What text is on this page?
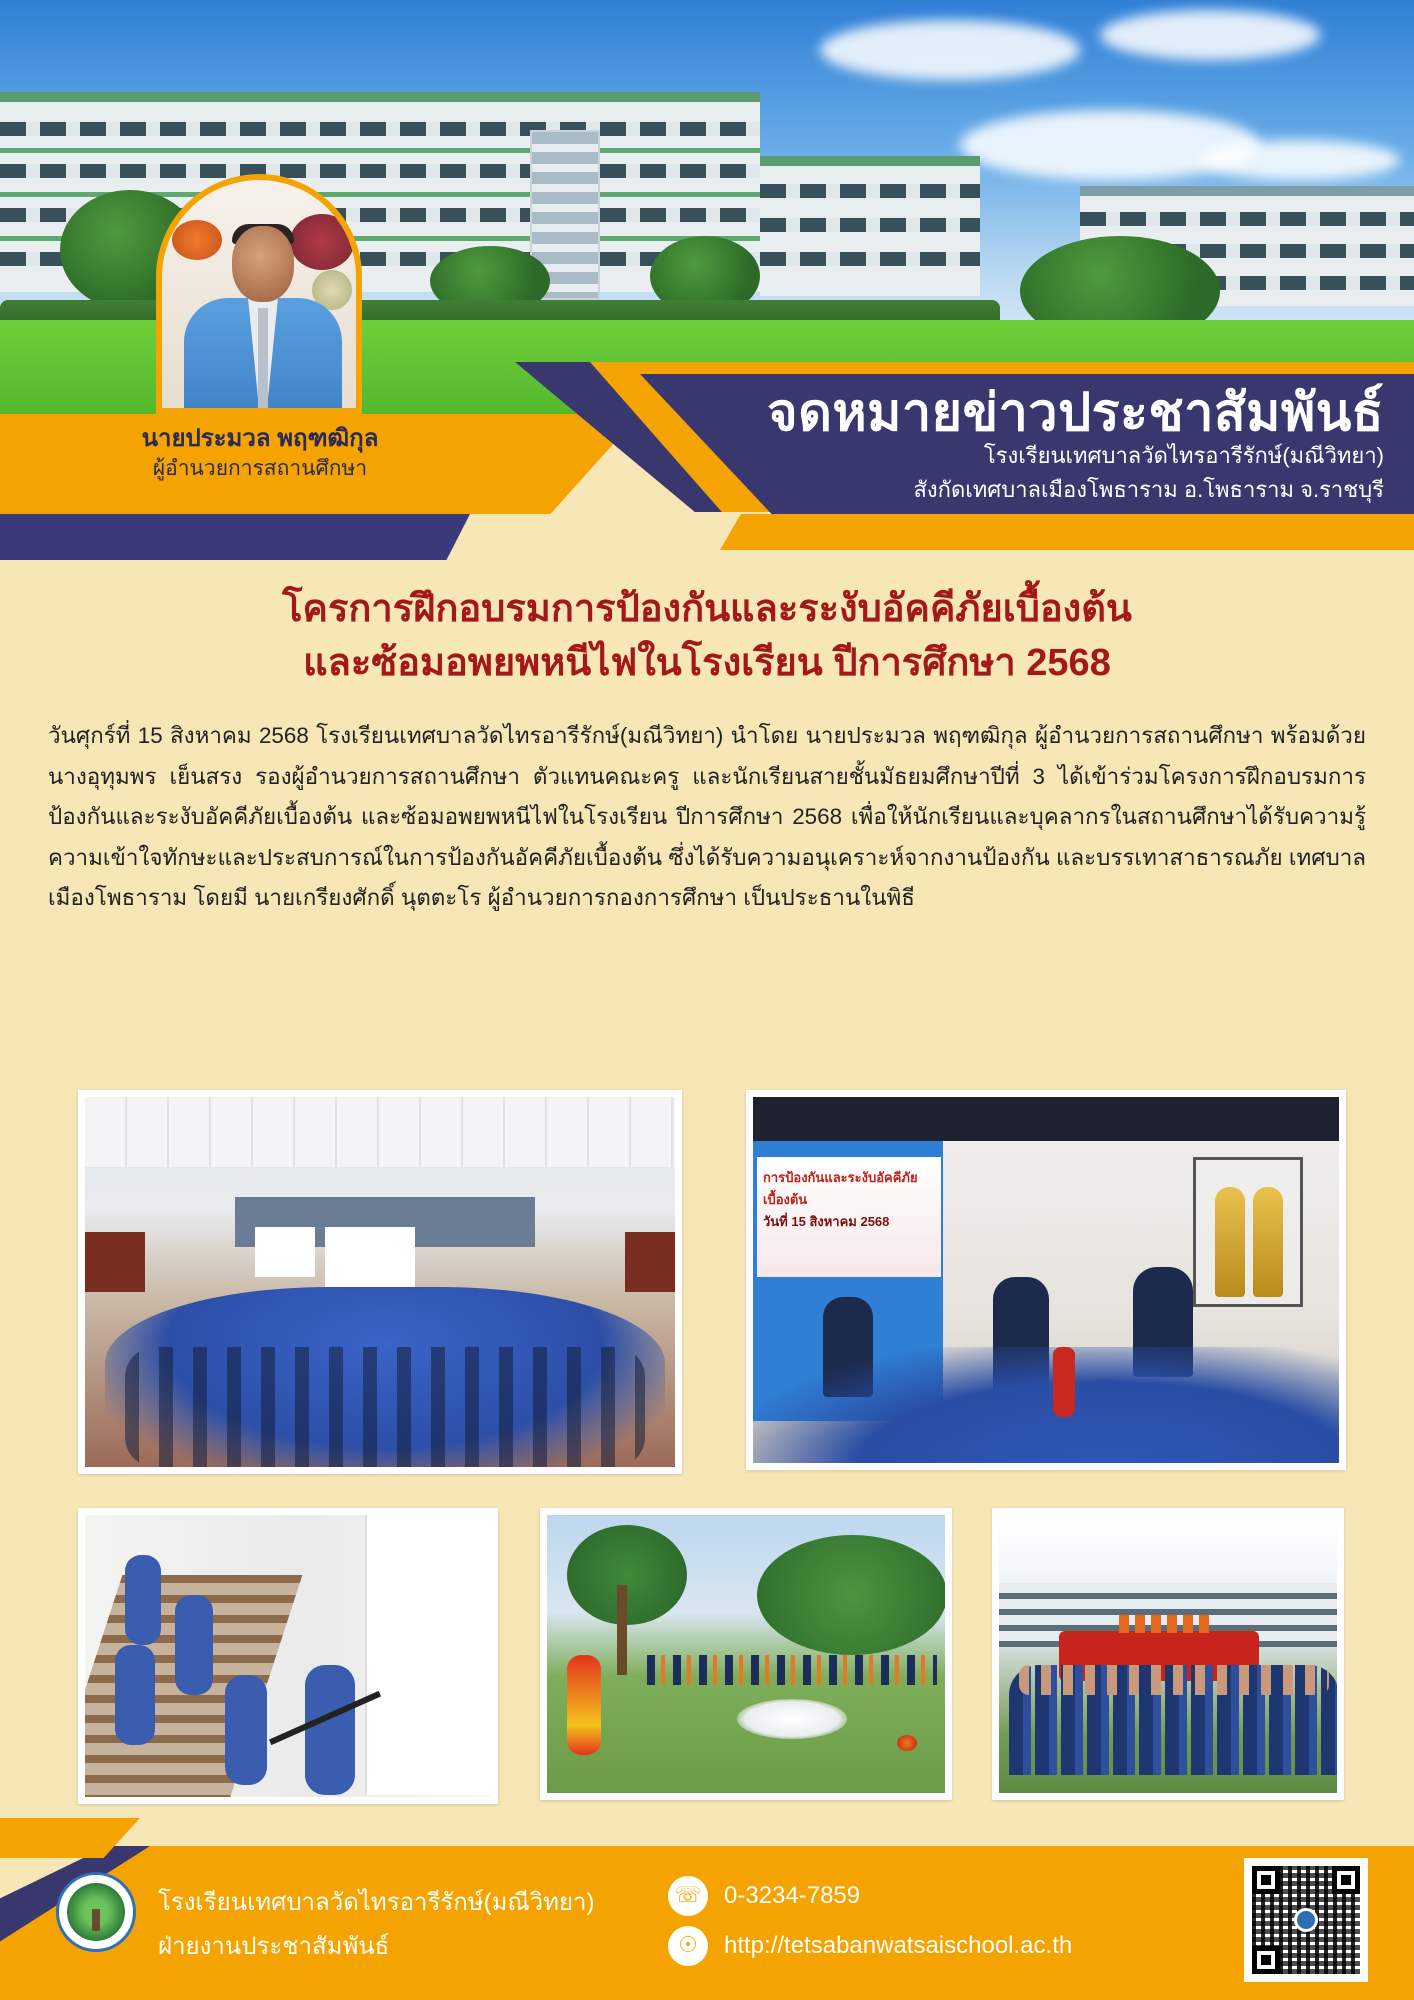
จดหมายข่าวประชาสัมพันธ์
โรงเรียนเทศบาลวัดไทรอารีรักษ์(มณีวิทยา)
สังกัดเทศบาลเมืองโพธาราม อ.โพธาราม จ.ราชบุรี
นายประมวล พฤฑฒิกุล
ผู้อำนวยการสถานศึกษา
โครการฝึกอบรมการป้องกันและระงับอัคคีภัยเบื้องต้น
และซ้อมอพยพหนีไฟในโรงเรียน ปีการศึกษา 2568
วันศุกร์ที่ 15 สิงหาคม 2568 โรงเรียนเทศบาลวัดไทรอารีรักษ์(มณีวิทยา) นำโดย นายประมวล พฤฑฒิกุล ผู้อำนวยการสถานศึกษา พร้อมด้วย นางอุทุมพร เย็นสรง รองผู้อำนวยการสถานศึกษา ตัวแทนคณะครู และนักเรียนสายชั้นมัธยมศึกษาปีที่ 3 ได้เข้าร่วมโครงการฝึกอบรมการป้องกันและระงับอัคคีภัยเบื้องต้น และซ้อมอพยพหนีไฟในโรงเรียน ปีการศึกษา 2568 เพื่อให้นักเรียนและบุคลากรในสถานศึกษาได้รับความรู้ ความเข้าใจทักษะและประสบการณ์ในการป้องกันอัคคีภัยเบื้องต้น ซึ่งได้รับความอนุเคราะห์จากงานป้องกัน และบรรเทาสาธารณภัย เทศบาลเมืองโพธาราม โดยมี นายเกรียงศักดิ์ นุตตะโร ผู้อำนวยการกองการศึกษา เป็นประธานในพิธี
การป้องกันและระงับอัคคีภัยเบื้องต้น
วันที่ 15 สิงหาคม 2568
โรงเรียนเทศบาลวัดไทรอารีรักษ์(มณีวิทยา)
ฝ่ายงานประชาสัมพันธ์
☏ 0-3234-7859
☉	http://tetsabanwatsaischool.ac.th
